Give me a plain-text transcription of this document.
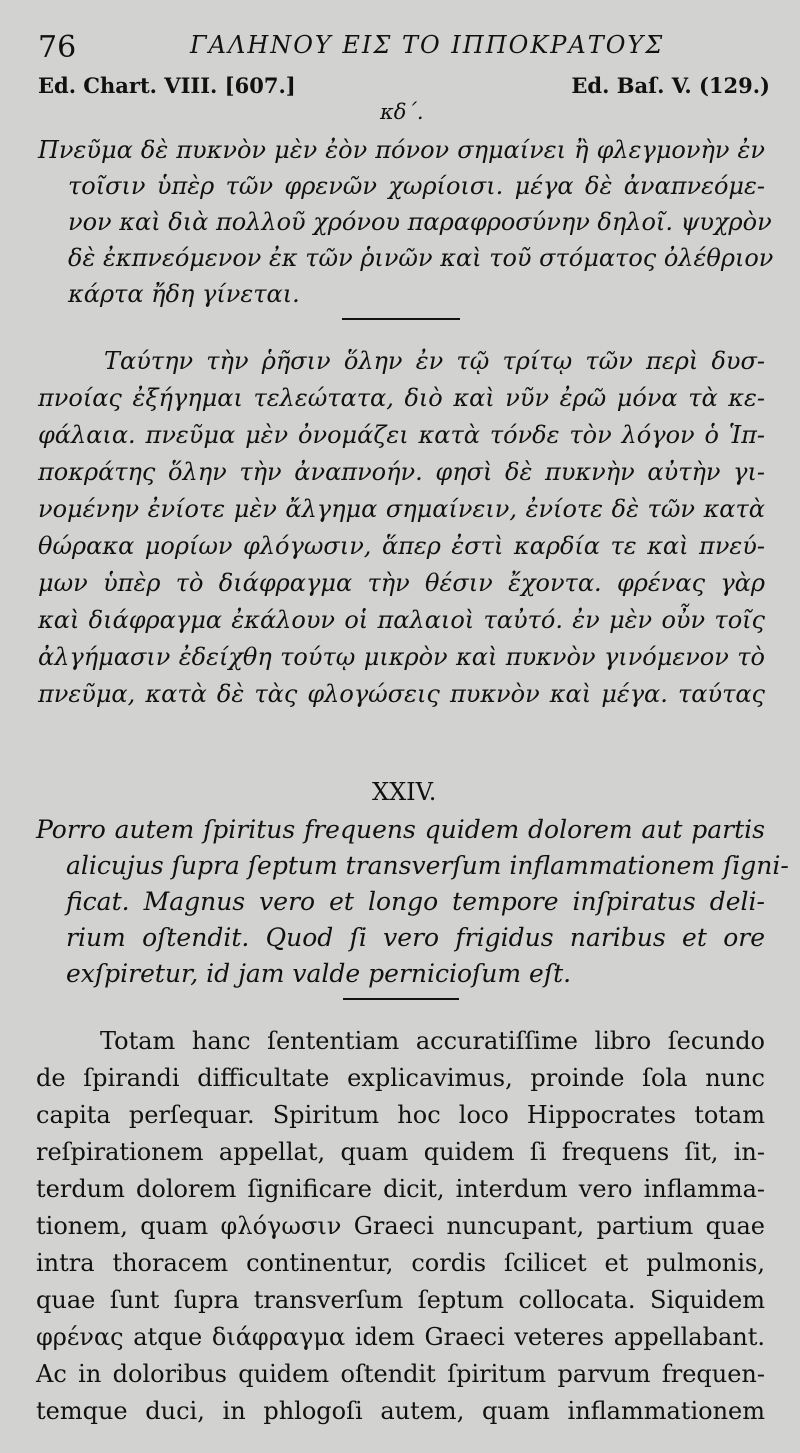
76	ΓΑΛΗΝΟΥ ΕΙΣ ΤΟ ΙΠΠΟΚΡΑΤΟΥΣ
Ed. Chart. VIII. [607.]	Ed. Baſ. V. (129.)
κδ΄.
Πνεῦμα δὲ πυκνὸν μὲν ἐὸν πόνον σημαίνει ἢ φλεγμονὴν ἐν
τοῖσιν ὑπὲρ τῶν φρενῶν χωρίοισι. μέγα δὲ ἀναπνεόμε-
νον καὶ διὰ πολλοῦ χρόνου παραφροσύνην δηλοῖ. ψυχρὸν
δὲ ἐκπνεόμενον ἐκ τῶν ῥινῶν καὶ τοῦ στόματος ὀλέθριον
κάρτα ἤδη γίνεται.
Ταύτην τὴν ῥῆσιν ὅλην ἐν τῷ τρίτῳ τῶν περὶ δυσ-
πνοίας ἐξήγημαι τελεώτατα, διὸ καὶ νῦν ἐρῶ μόνα τὰ κε-
φάλαια. πνεῦμα μὲν ὀνομάζει κατὰ τόνδε τὸν λόγον ὁ Ἱπ-
ποκράτης ὅλην τὴν ἀναπνοήν. φησὶ δὲ πυκνὴν αὐτὴν γι-
νομένην ἐνίοτε μὲν ἄλγημα σημαίνειν, ἐνίοτε δὲ τῶν κατὰ
θώρακα μορίων φλόγωσιν, ἅπερ ἐστὶ καρδία τε καὶ πνεύ-
μων ὑπὲρ τὸ διάφραγμα τὴν θέσιν ἔχοντα. φρένας γὰρ
καὶ διάφραγμα ἐκάλουν οἱ παλαιοὶ ταὐτό. ἐν μὲν οὖν τοῖς
ἀλγήμασιν ἐδείχθη τούτῳ μικρὸν καὶ πυκνὸν γινόμενον τὸ
πνεῦμα, κατὰ δὲ τὰς φλογώσεις πυκνὸν καὶ μέγα. ταύτας
XXIV.
Porro autem ſpiritus frequens quidem dolorem aut partis
alicujus ſupra ſeptum transverſum inflammationem ſigni-
ficat. Magnus vero et longo tempore inſpiratus deli-
rium oſtendit. Quod ſi vero frigidus naribus et ore
exſpiretur, id jam valde pernicioſum eſt.
Totam hanc ſententiam accuratiſſime libro ſecundo
de ſpirandi difficultate explicavimus, proinde ſola nunc
capita perſequar. Spiritum hoc loco Hippocrates totam
reſpirationem appellat, quam quidem ſi frequens ſit, in-
terdum dolorem ſignificare dicit, interdum vero inflamma-
tionem, quam φλόγωσιν Graeci nuncupant, partium quae
intra thoracem continentur, cordis ſcilicet et pulmonis,
quae ſunt ſupra transverſum ſeptum collocata. Siquidem
φρένας atque διάφραγμα idem Graeci veteres appellabant.
Ac in doloribus quidem oſtendit ſpiritum parvum frequen-
temque duci, in phlogoſi autem, quam inflammationem
